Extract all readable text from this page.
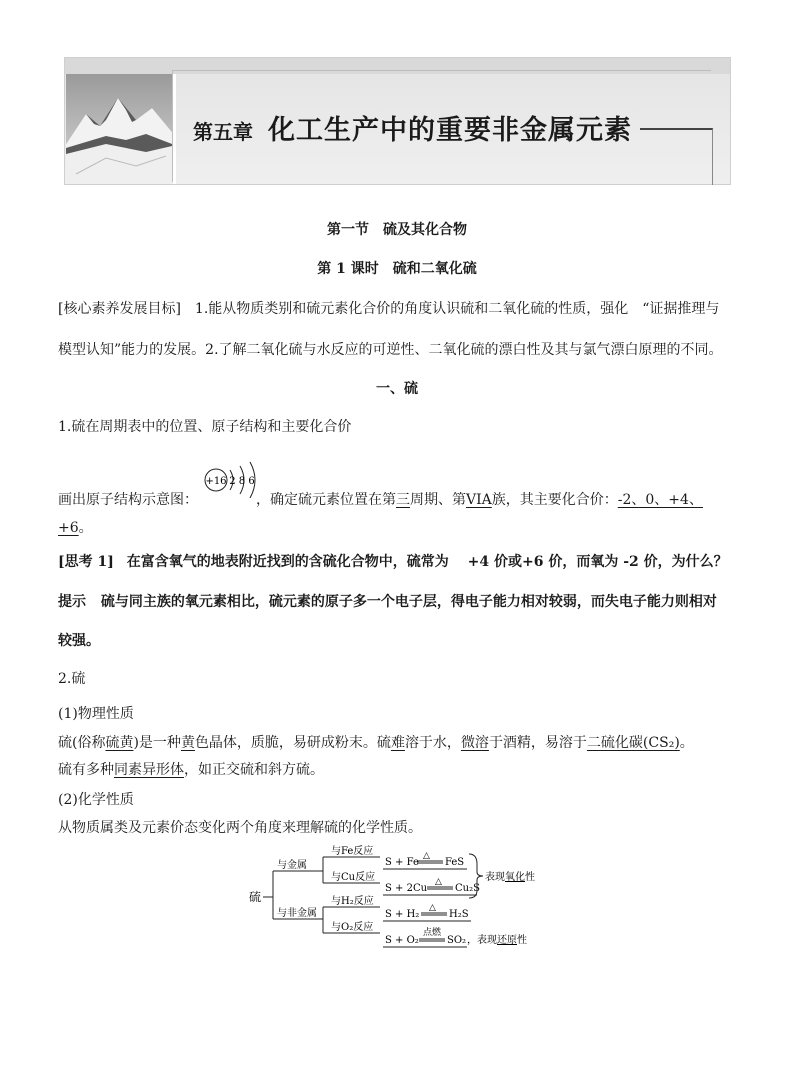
第五章 化工生产中的重要非金属元素
第一节　硫及其化合物
第 1 课时　硫和二氧化硫
[核心素养发展目标]　1.能从物质类别和硫元素化合价的角度认识硫和二氧化硫的性质，强化　“证据推理与
模型认知”能力的发展。2.了解二氧化硫与水反应的可逆性、二氧化硫的漂白性及其与氯气漂白原理的不同。
一、硫
1.硫在周期表中的位置、原子结构和主要化合价
+16 2 8 6
画出原子结构示意图：	，确定硫元素位置在第三周期、第VIA族，其主要化合价：-2、0、+4、
+6。
[思考 1] 在富含氧气的地表附近找到的含硫化合物中，硫常为　 +4 价或+6 价，而氧为 -2 价，为什么？
提示 硫与同主族的氧元素相比，硫元素的原子多一个电子层，得电子能力相对较弱，而失电子能力则相对
较强。
2.硫
(1)物理性质
硫(俗称硫黄)是一种黄色晶体，质脆，易研成粉末。硫难溶于水，微溶于酒精，易溶于二硫化碳(CS₂)。
硫有多种同素异形体，如正交硫和斜方硫。
(2)化学性质
从物质属类及元素价态变化两个角度来理解硫的化学性质。
硫
与金属
与非金属
与Fe反应
与Cu反应
与H₂反应
与O₂反应
S + Fe
△
FeS
S + 2Cu
△
Cu₂S
表现氧化性
S + H₂
△
H₂S
S + O₂
点燃
SO₂ ，表现还原性
